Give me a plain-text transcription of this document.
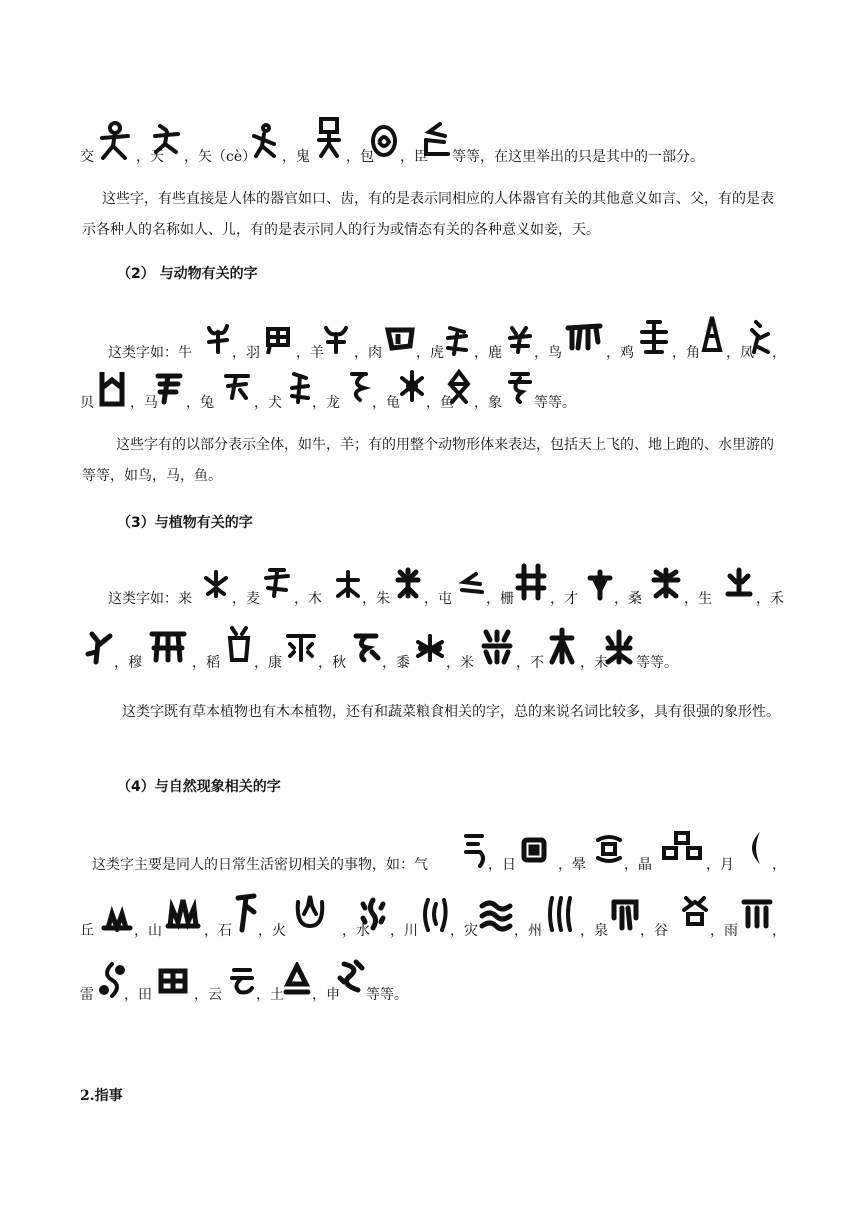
交	，天 ，矢（cè） ，鬼	，包 ，臣 等等，在这里举出的只是其中的一部分。
这些字，有些直接是人体的器官如口、齿，有的是表示同相应的人体器官有关的其他意义如言、父，有的是表示各种人的名称如人、儿，有的是表示同人的行为或情态有关的各种意义如妾，天。
（2） 与动物有关的字
这类字如：牛	，羽	，羊 ，肉 ，虎 ，鹿 ，鸟	，鸡	，角 ，凤 ，
贝	，马 ，兔	，犬 ，龙 ，龟 ，鱼 ，象 等等。
这些字有的以部分表示全体，如牛，羊；有的用整个动物形体来表达，包括天上飞的、地上跑的、水里游的等等，如鸟，马，鱼。
（3）与植物有关的字
这类字如：来	，麦 ，木	，朱 ，屯 ，栅	，才	，桑	，生	，禾
，穆	，稻 ，康	，秋	，黍	，米	，不	，未 等等。
这类字既有草本植物也有木本植物，还有和蔬菜粮食相关的字，总的来说名词比较多，具有很强的象形性。
（4）与自然现象相关的字
这类字主要是同人的日常生活密切相关的事物，如：气	，日	，晕	，晶	，月	，
丘	，山	，石 ，火	，水 ，川 ，灾	，州	，泉 ，谷	，雨 ，
雷 ，田	，云 ，土 ，申 等等。
2.指事
